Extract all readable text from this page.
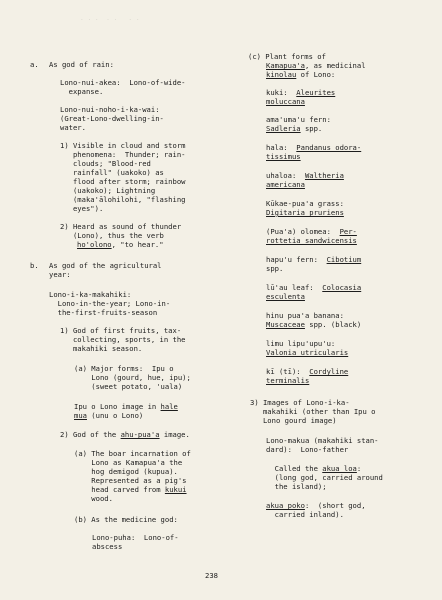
. . .  . .   . .
a. As god of rain:
Lono-nui-akea:  Lono-of-wide-
expanse.
Lono-nui-noho-i-ka-wai:
(Great-Lono-dwelling-in-
water.
1) Visible in cloud and storm
phenomena:  Thunder; rain-
clouds; "Blood-red
rainfall" (uakoko) as
flood after storm; rainbow
(uakoko); Lightning
(maka'ālohilohi, "flashing
eyes").
2) Heard as sound of thunder
(Lono), thus the verb
ho'olono, "to hear."
b. As god of the agricultural
year:
Lono-i-ka-makahiki:
Lono-in-the-year; Lono-in-
the-first-fruits-season
1) God of first fruits, tax-
collecting, sports, in the
makahiki season.
(a) Major forms:  Ipu o
Lono (gourd, hue, ipu);
(sweet potato, 'uala)
Ipu o Lono image in hale
mua (unu o Lono)
2) God of the ahu-pua'a image.
(a) The boar incarnation of
Lono as Kamapua'a the
hog demigod (kupua).
Represented as a pig's
head carved from kukui
wood.
(b) As the medicine god:
Lono-puha:  Lono-of-
abscess
(c) Plant forms of
Kamapua'a, as medicinal
kinolau of Lono:
kuki: Aleurites
moluccana
ama'uma'u fern:
Sadleria spp.
hala:  Pandanus odora-
tissimus
uhaloa:  Waltheria
americana
Kūkae-pua'a grass:
Digitaria pruriens
(Pua'a) olomea:  Per-
rottetia sandwicensis
hapu'u fern:  Cibotium
spp.
lū'au leaf:  Colocasia
esculenta
hinu pua'a banana:
Muscaceae spp. (black)
limu lipu'upu'u:
Valonia utricularis
kī (tī):  Cordyline
terminalis
3) Images of Lono-i-ka-
makahiki (other than Ipu o
Lono gourd image)
Lono-makua (makahiki stan-
dard):  Lono-father
Called the akua loa:
(long god, carried around
the island);
akua poko:  (short god,
carried inland).
238
